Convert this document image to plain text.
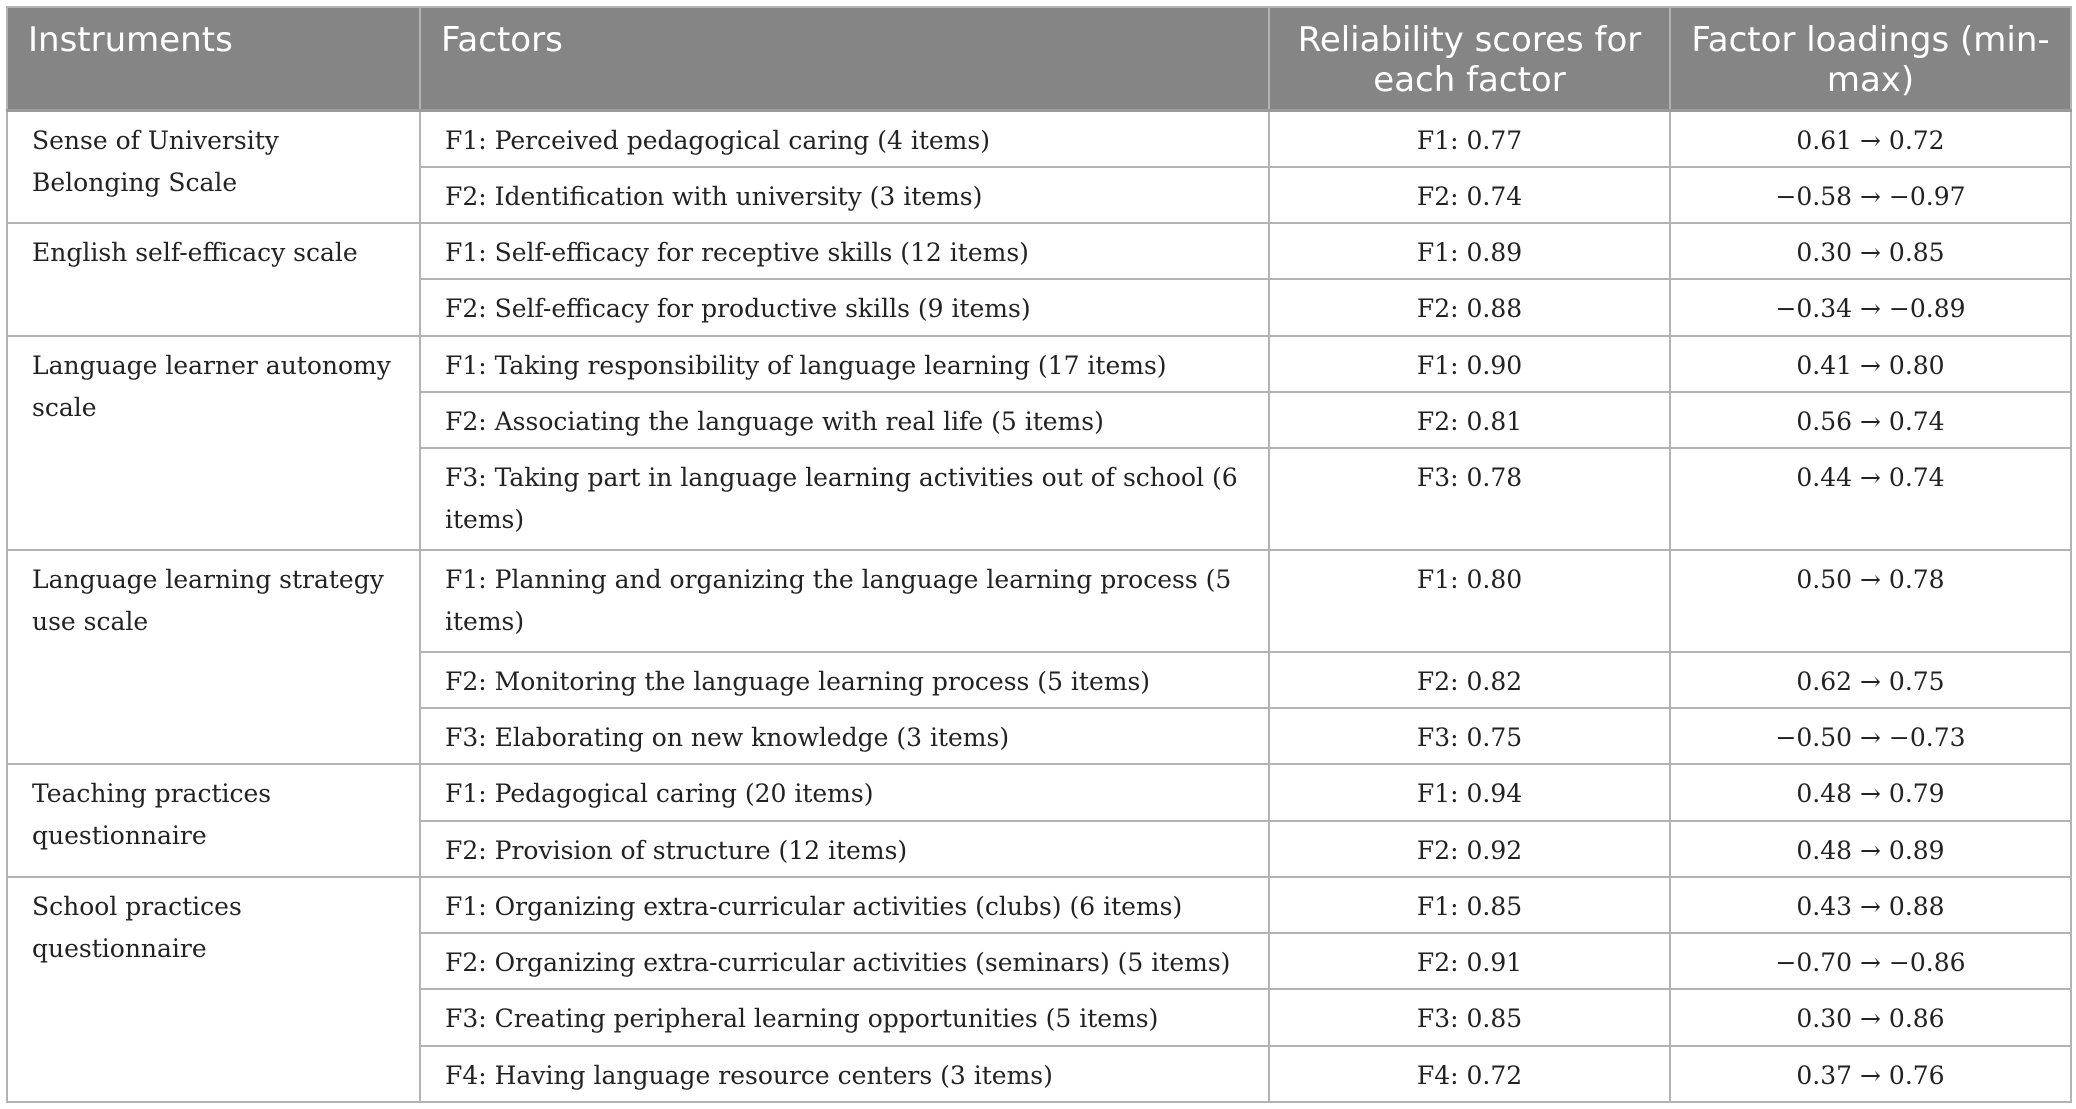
Instruments	Factors	Reliability scores for each factor	Factor loadings (min-max)
Sense of University Belonging Scale	F1: Perceived pedagogical caring (4 items)	F1: 0.77	0.61 → 0.72
	F2: Identification with university (3 items)	F2: 0.74	−0.58 → −0.97
English self-efficacy scale	F1: Self-efficacy for receptive skills (12 items)	F1: 0.89	0.30 → 0.85
	F2: Self-efficacy for productive skills (9 items)	F2: 0.88	−0.34 → −0.89
Language learner autonomy scale	F1: Taking responsibility of language learning (17 items)	F1: 0.90	0.41 → 0.80
	F2: Associating the language with real life (5 items)	F2: 0.81	0.56 → 0.74
	F3: Taking part in language learning activities out of school (6 items)	F3: 0.78	0.44 → 0.74
Language learning strategy use scale	F1: Planning and organizing the language learning process (5 items)	F1: 0.80	0.50 → 0.78
	F2: Monitoring the language learning process (5 items)	F2: 0.82	0.62 → 0.75
	F3: Elaborating on new knowledge (3 items)	F3: 0.75	−0.50 → −0.73
Teaching practices questionnaire	F1: Pedagogical caring (20 items)	F1: 0.94	0.48 → 0.79
	F2: Provision of structure (12 items)	F2: 0.92	0.48 → 0.89
School practices questionnaire	F1: Organizing extra-curricular activities (clubs) (6 items)	F1: 0.85	0.43 → 0.88
	F2: Organizing extra-curricular activities (seminars) (5 items)	F2: 0.91	−0.70 → −0.86
	F3: Creating peripheral learning opportunities (5 items)	F3: 0.85	0.30 → 0.86
	F4: Having language resource centers (3 items)	F4: 0.72	0.37 → 0.76
